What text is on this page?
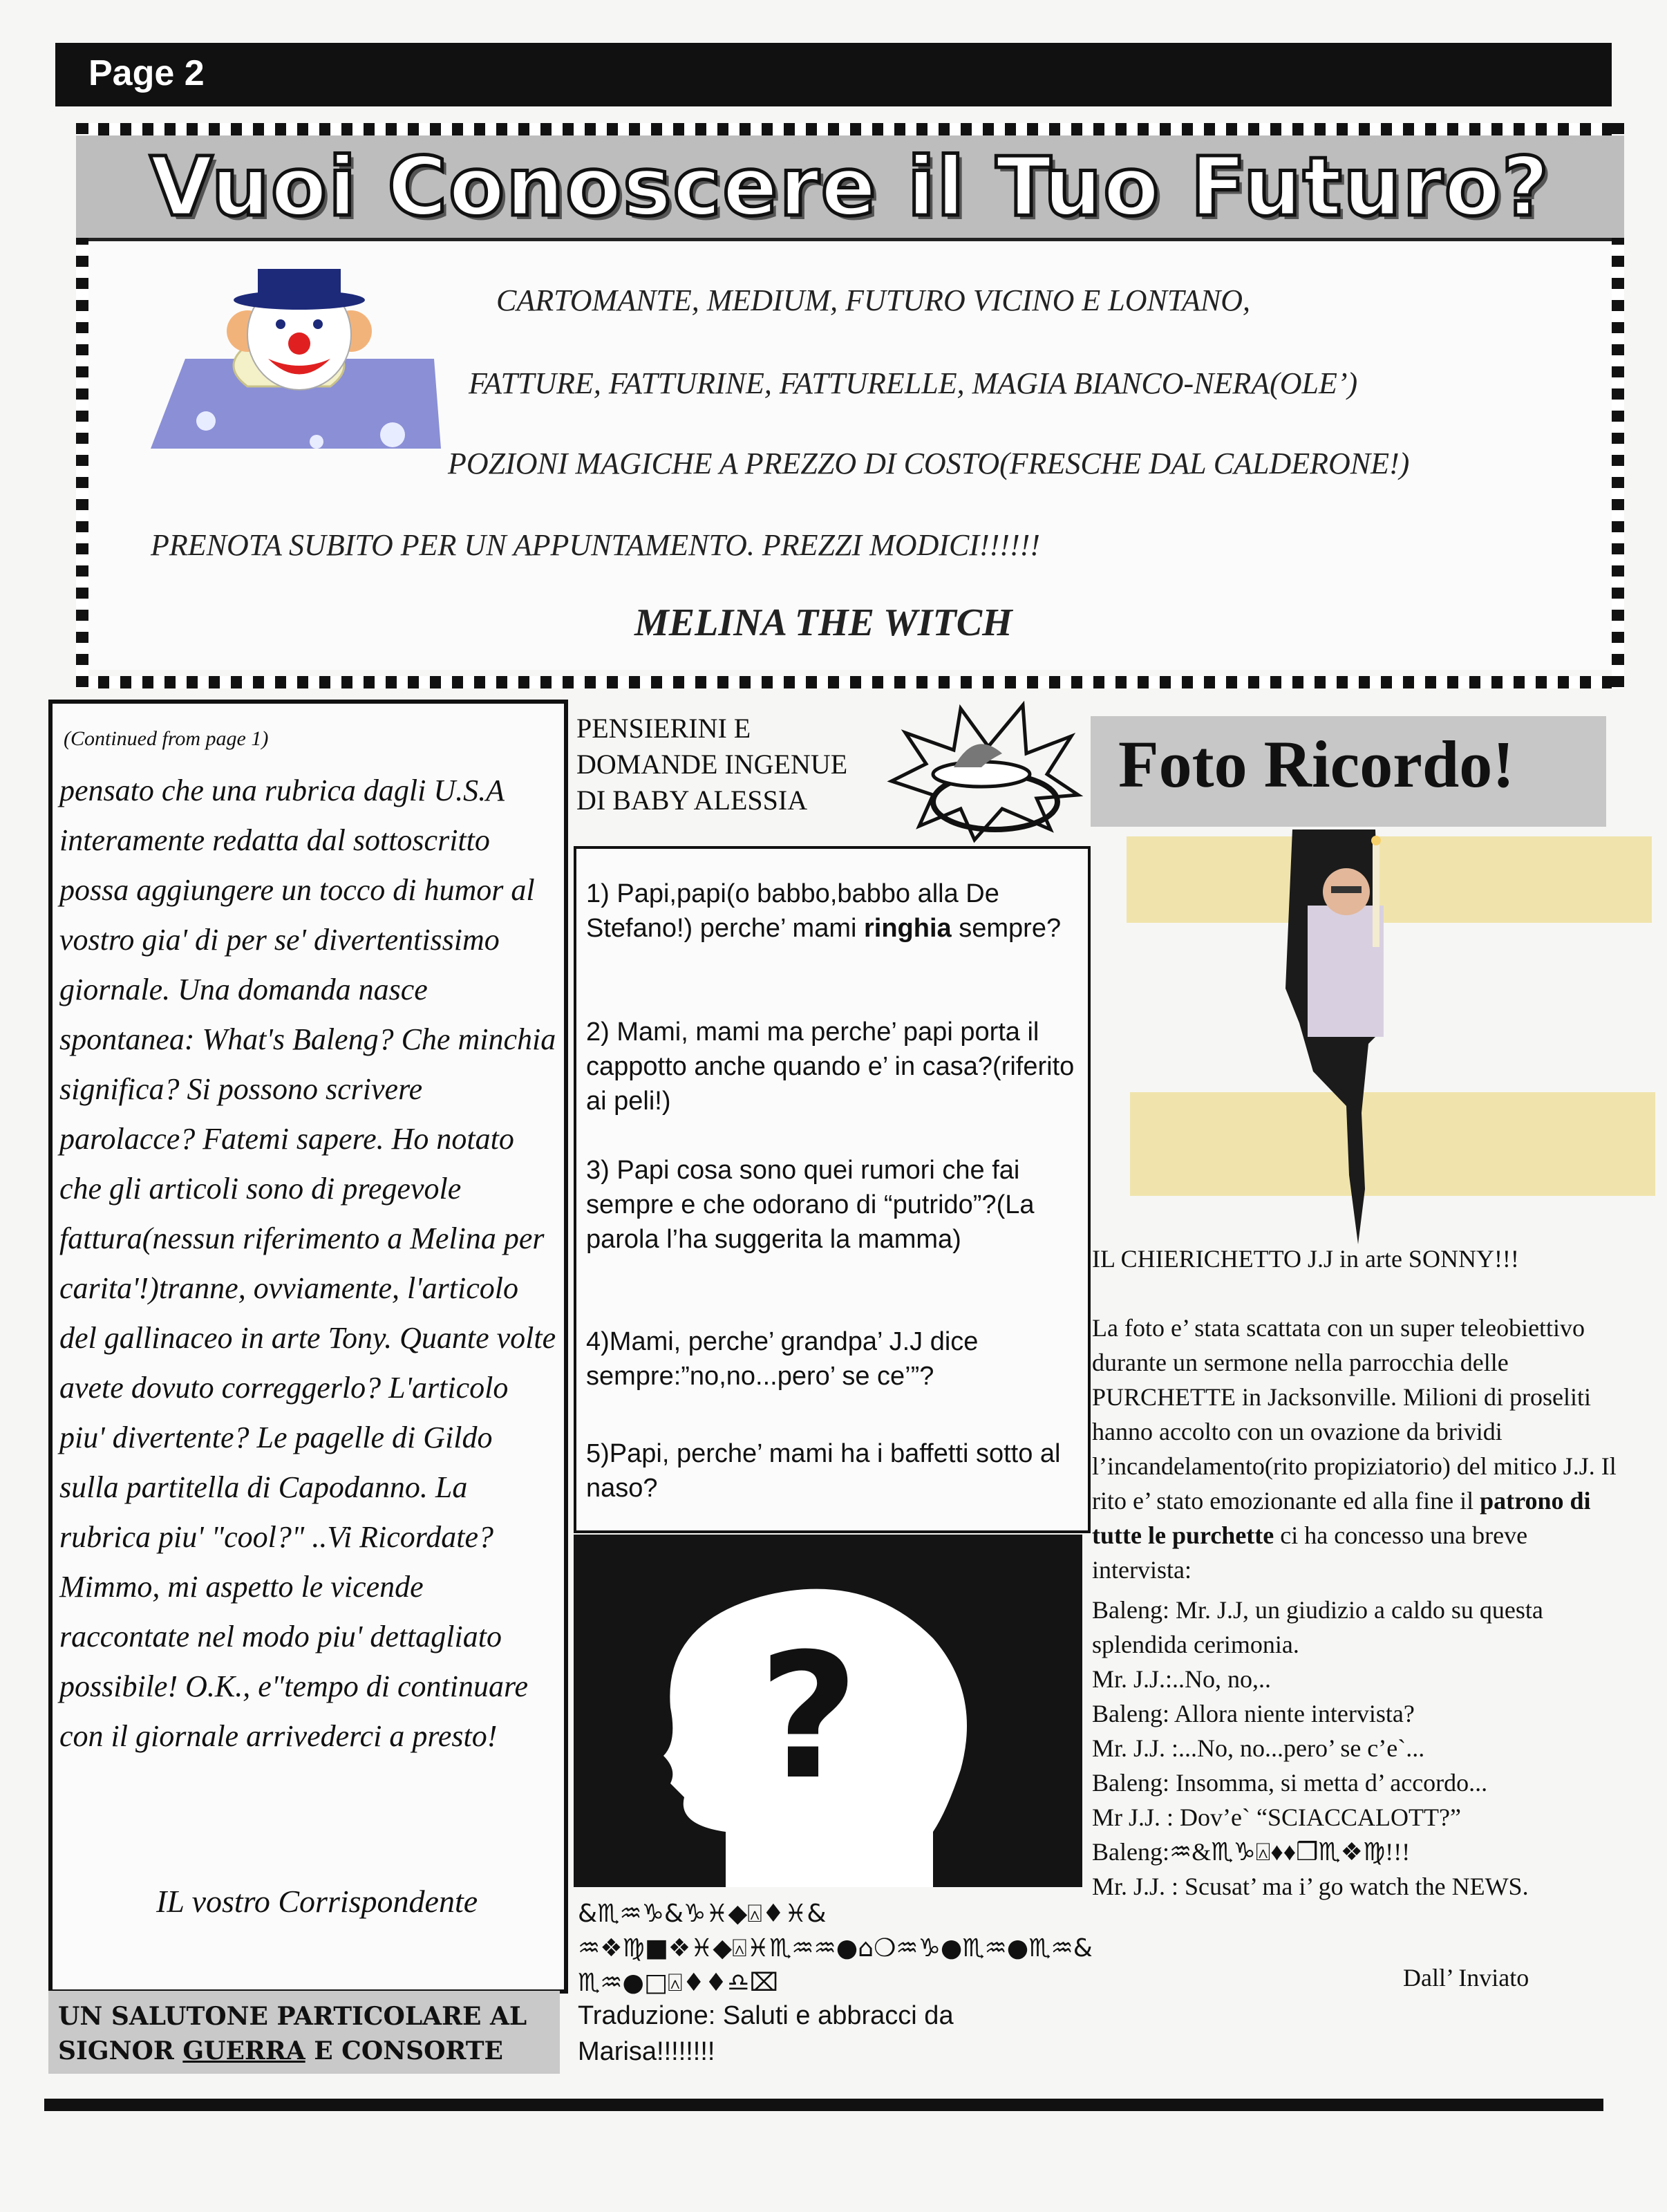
Page 2
Vuoi Conoscere il Tuo Futuro?
CARTOMANTE, MEDIUM, FUTURO VICINO E LONTANO,
FATTURE, FATTURINE, FATTURELLE, MAGIA BIANCO-NERA(OLE’)
POZIONI MAGICHE A PREZZO DI COSTO(FRESCHE DAL CALDERONE!)
PRENOTA SUBITO PER UN APPUNTAMENTO. PREZZI MODICI!!!!!!
MELINA THE WITCH
(Continued from page 1)
pensato che una rubrica dagli U.S.A interamente redatta dal sottoscritto possa aggiungere un tocco di humor al vostro gia' di per se' divertentissimo giornale. Una domanda nasce spontanea: What's Baleng? Che minchia significa? Si possono scrivere parolacce? Fatemi sapere. Ho notato che gli articoli sono di pregevole fattura(nessun riferimento a Melina per carita'!)tranne, ovviamente, l'articolo del gallinaceo in arte Tony. Quante volte avete dovuto correggerlo? L'articolo piu' divertente? Le pagelle di Gildo sulla partitella di Capodanno. La rubrica piu' "cool?" ..Vi Ricordate? Mimmo, mi aspetto le vicende raccontate nel modo piu' dettagliato possibile! O.K., e"tempo di continuare con il giornale arrivederci a presto!
IL vostro Corrispondente
UN SALUTONE PARTICOLARE AL
SIGNOR GUERRA E CONSORTE
PENSIERINI E
DOMANDE INGENUE
DI BABY ALESSIA
1) Papi,papi(o babbo,babbo alla De Stefano!) perche’ mami ringhia sempre?
2) Mami, mami ma perche’ papi porta il cappotto anche quando e’ in casa?(riferito ai peli!)
3) Papi cosa sono quei rumori che fai sempre e che odorano di “putrido”?(La parola l’ha suggerita la mamma)
4)Mami, perche’ grandpa’ J.J dice sempre:”no,no...pero’ se ce’”?
5)Papi, perche’ mami ha i baffetti sotto al naso?
?
&♏︎♒︎♑︎&♑︎♓︎◆︎⍓︎♦︎♓︎&♒︎❖︎♍︎■︎❖︎♓︎◆︎⍓︎♓︎♏︎♒︎♒︎●︎⌂︎❍︎♒︎♑︎●︎♏︎♒︎●︎♏︎♒︎&♏︎♒︎●︎□︎⍓︎♦︎♦︎♎︎⌧︎
Traduzione: Saluti e abbracci da Marisa!!!!!!!!
Foto Ricordo!
IL CHIERICHETTO J.J in arte SONNY!!!

La foto e’ stata scattata con un super teleobiettivo durante un sermone nella parrocchia delle PURCHETTE in Jacksonville. Milioni di proseliti hanno accolto con un ovazione da brividi l’incandelamento(rito propiziatorio) del mitico J.J. Il rito e’ stato emozionante ed alla fine il patrono di tutte le purchette ci ha concesso una breve intervista:

Baleng: Mr. J.J, un giudizio a caldo su questa splendida cerimonia.

Mr. J.J.:..No, no,..

Baleng: Allora niente intervista?

Mr. J.J. :...No, no...pero’ se c’e`...

Baleng: Insomma, si metta d’ accordo...

Mr J.J. : Dov’e` “SCIACCALOTT?”

Baleng:♒︎&♏︎♑︎⍓︎♦︎♦︎❒︎♏︎❖︎♍︎!!!

Mr. J.J. : Scusat’ ma i’ go watch the NEWS.

Dall’ Inviato
